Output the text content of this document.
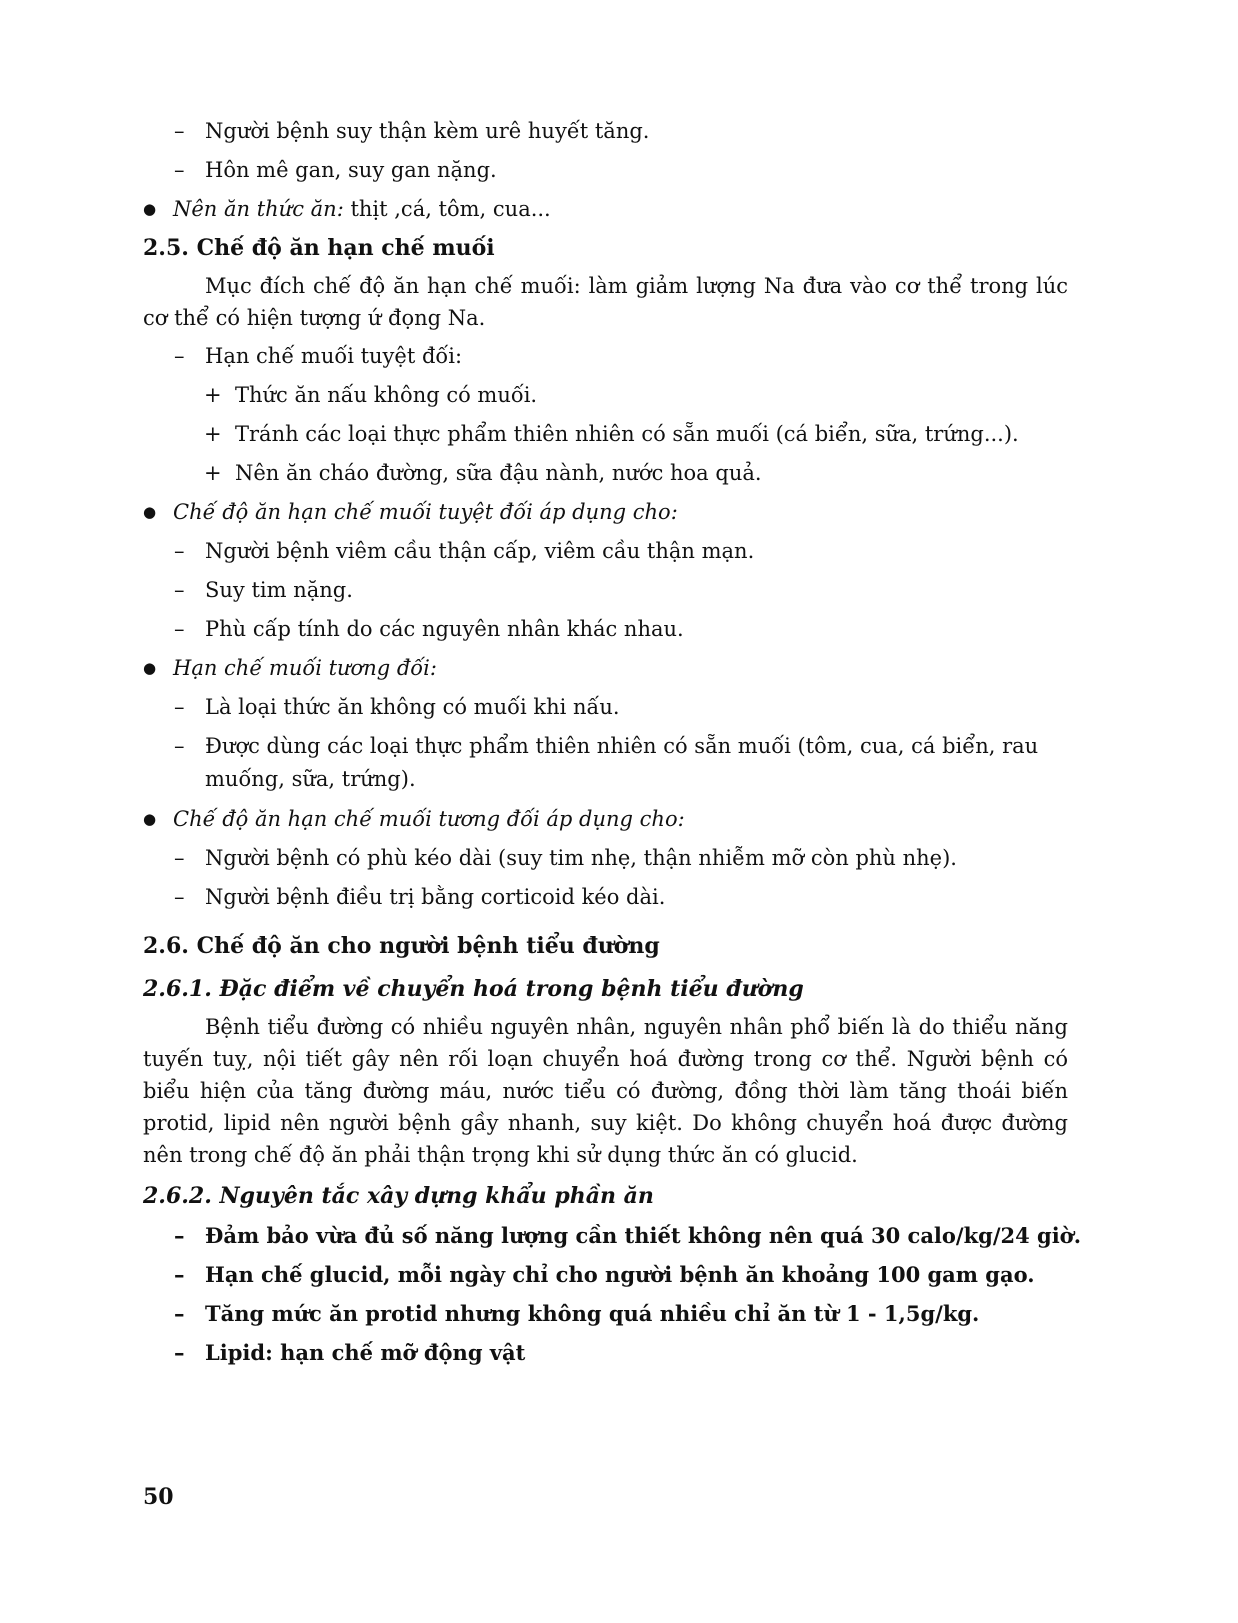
– Người bệnh suy thận kèm urê huyết tăng.
– Hôn mê gan, suy gan nặng.
● Nên ăn thức ăn: thịt ,cá, tôm, cua...
2.5. Chế độ ăn hạn chế muối
Mục đích chế độ ăn hạn chế muối: làm giảm lượng Na đưa vào cơ thể trong lúc cơ thể có hiện tượng ứ đọng Na.
– Hạn chế muối tuyệt đối:
+ Thức ăn nấu không có muối.
+ Tránh các loại thực phẩm thiên nhiên có sẵn muối (cá biển, sữa, trứng...).
+ Nên ăn cháo đường, sữa đậu nành, nước hoa quả.
● Chế độ ăn hạn chế muối tuyệt đối áp dụng cho:
– Người bệnh viêm cầu thận cấp, viêm cầu thận mạn.
– Suy tim nặng.
– Phù cấp tính do các nguyên nhân khác nhau.
● Hạn chế muối tương đối:
– Là loại thức ăn không có muối khi nấu.
– Được dùng các loại thực phẩm thiên nhiên có sẵn muối (tôm, cua, cá biển, rau muống, sữa, trứng).
● Chế độ ăn hạn chế muối tương đối áp dụng cho:
– Người bệnh có phù kéo dài (suy tim nhẹ, thận nhiễm mỡ còn phù nhẹ).
– Người bệnh điều trị bằng corticoid kéo dài.
2.6. Chế độ ăn cho người bệnh tiểu đường
2.6.1. Đặc điểm về chuyển hoá trong bệnh tiểu đường
Bệnh tiểu đường có nhiều nguyên nhân, nguyên nhân phổ biến là do thiểu năng tuyến tuỵ, nội tiết gây nên rối loạn chuyển hoá đường trong cơ thể. Người bệnh có biểu hiện của tăng đường máu, nước tiểu có đường, đồng thời làm tăng thoái biến protid, lipid nên người bệnh gầy nhanh, suy kiệt. Do không chuyển hoá được đường nên trong chế độ ăn phải thận trọng khi sử dụng thức ăn có glucid.
2.6.2. Nguyên tắc xây dựng khẩu phần ăn
– Đảm bảo vừa đủ số năng lượng cần thiết không nên quá 30 calo/kg/24 giờ.
– Hạn chế glucid, mỗi ngày chỉ cho người bệnh ăn khoảng 100 gam gạo.
– Tăng mức ăn protid nhưng không quá nhiều chỉ ăn từ 1 - 1,5g/kg.
– Lipid: hạn chế mỡ động vật
50
